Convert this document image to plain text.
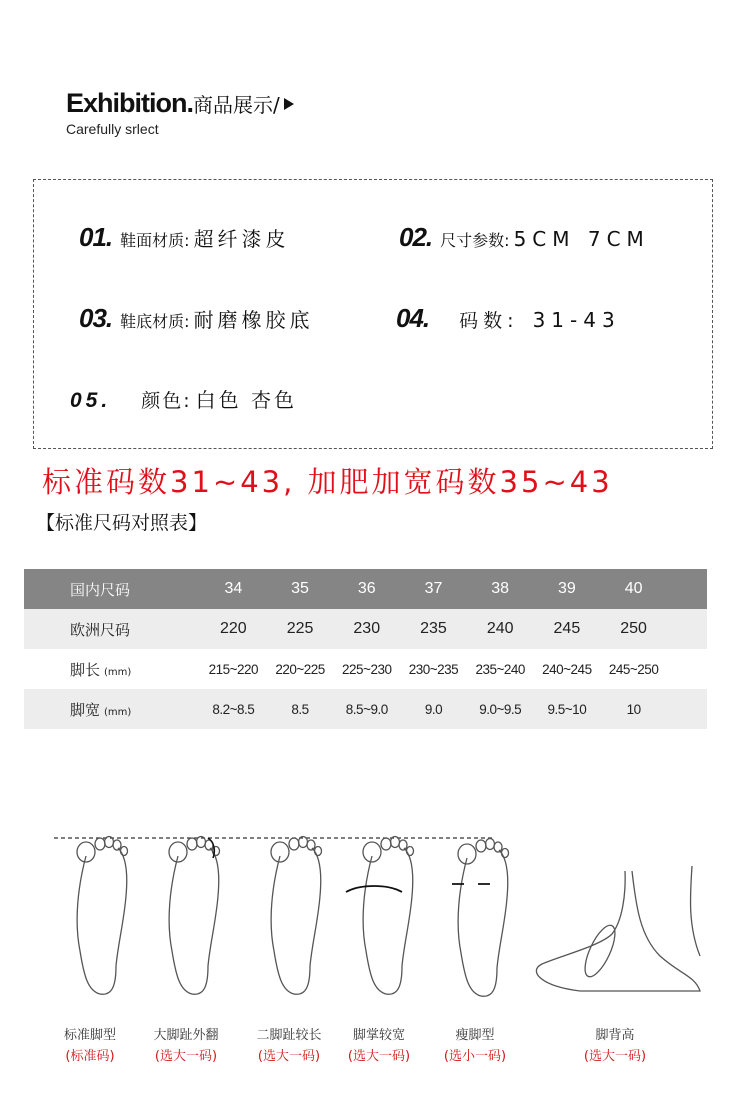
Exhibition.商品展示/
Carefully srlect
01. 鞋面材质: 超纤漆皮	02. 尺寸参数: 5CM 7CM
03. 鞋底材质: 耐磨橡胶底	04. 码数: 31-43
05. 颜色: 白色 杏色
标准码数31~43, 加肥加宽码数35~43
【标准尺码对照表】
国内尺码	34	35	36	37	38	39	40	
欧洲尺码	220	225	230	235	240	245	250	
脚长 (mm)	215~220	220~225	225~230	230~235	235~240	240~245	245~250	
脚宽 (mm)	8.2~8.5	8.5	8.5~9.0	9.0	9.0~9.5	9.5~10	10	
标准脚型
(标准码)
大脚趾外翻
(选大一码)
二脚趾较长
(选大一码)
脚掌较宽
(选大一码)
瘦脚型
(选小一码)
脚背高
(选大一码)
